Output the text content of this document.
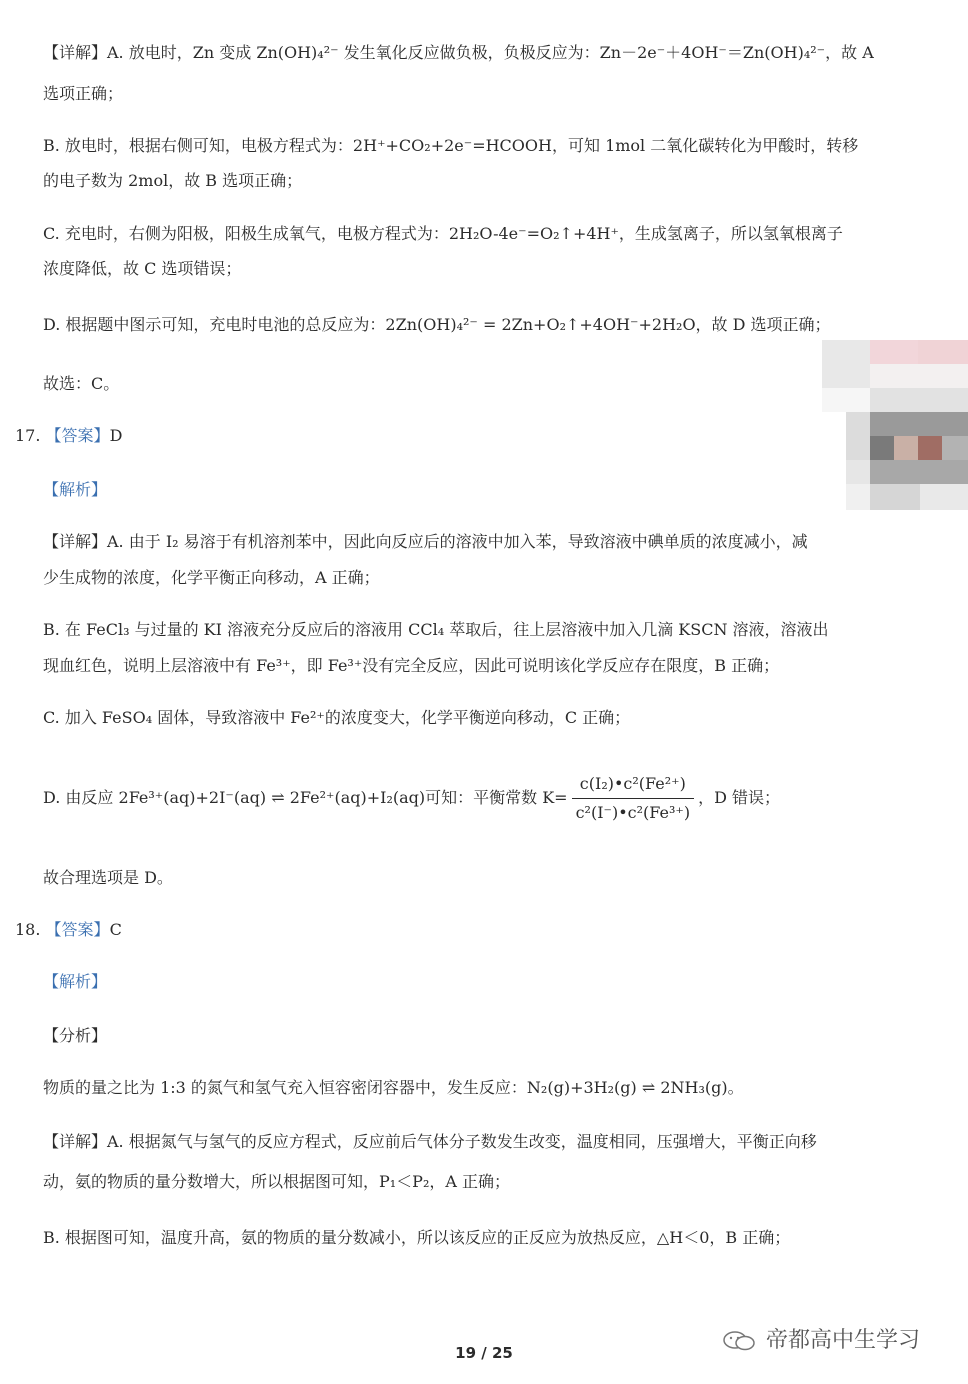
【详解】A. 放电时，Zn 变成 Zn(OH)₄²⁻ 发生氧化反应做负极，负极反应为：Zn－2e⁻＋4OH⁻＝Zn(OH)₄²⁻，故 A
选项正确；
B. 放电时，根据右侧可知，电极方程式为：2H⁺+CO₂+2e⁻=HCOOH，可知 1mol 二氧化碳转化为甲酸时，转移
的电子数为 2mol，故 B 选项正确；
C. 充电时，右侧为阳极，阳极生成氧气，电极方程式为：2H₂O-4e⁻=O₂↑+4H⁺，生成氢离子，所以氢氧根离子
浓度降低，故 C 选项错误；
D. 根据题中图示可知，充电时电池的总反应为：2Zn(OH)₄²⁻ = 2Zn+O₂↑+4OH⁻+2H₂O，故 D 选项正确；
故选：C。
17. 【答案】D
【解析】
【详解】A. 由于 I₂ 易溶于有机溶剂苯中，因此向反应后的溶液中加入苯，导致溶液中碘单质的浓度减小，减
少生成物的浓度，化学平衡正向移动，A 正确；
B. 在 FeCl₃ 与过量的 KI 溶液充分反应后的溶液用 CCl₄ 萃取后，往上层溶液中加入几滴 KSCN 溶液，溶液出
现血红色，说明上层溶液中有 Fe³⁺，即 Fe³⁺没有完全反应，因此可说明该化学反应存在限度，B 正确；
C. 加入 FeSO₄ 固体，导致溶液中 Fe²⁺的浓度变大，化学平衡逆向移动，C 正确；
D. 由反应 2Fe³⁺(aq)+2I⁻(aq) ⇌ 2Fe²⁺(aq)+I₂(aq)可知：平衡常数 $K= \frac{\text{c(I₂)•c²(Fe²⁺)}}{\text{c²(I⁻)•c²(Fe³⁺)}}$ ，D 错误；
故合理选项是 D。
18. 【答案】C
【解析】
【分析】
物质的量之比为 1:3 的氮气和氢气充入恒容密闭容器中，发生反应：N₂(g)+3H₂(g) ⇌ 2NH₃(g)。
【详解】A. 根据氮气与氢气的反应方程式，反应前后气体分子数发生改变，温度相同，压强增大，平衡正向移
动，氨的物质的量分数增大，所以根据图可知，P₁＜P₂，A 正确；
B. 根据图可知，温度升高，氨的物质的量分数减小，所以该反应的正反应为放热反应，△H＜0，B 正确；
19 / 25	帝都高中生学习
